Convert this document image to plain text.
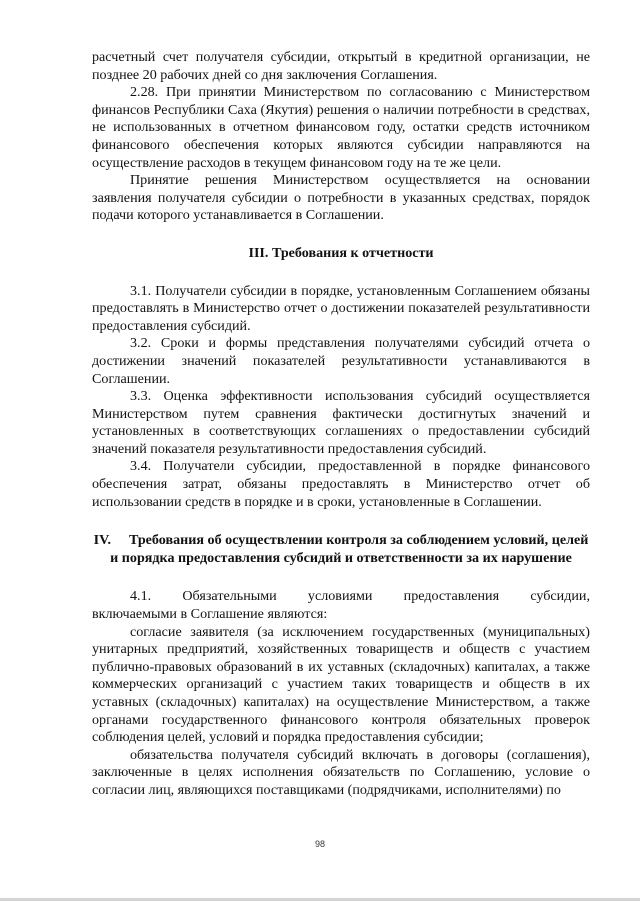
расчетный счет получателя субсидии, открытый в кредитной организации, не позднее 20 рабочих дней со дня заключения Соглашения.

2.28. При принятии Министерством по согласованию с Министерством финансов Республики Саха (Якутия) решения о наличии потребности в средствах, не использованных в отчетном финансовом году, остатки средств источником финансового обеспечения которых являются субсидии направляются на осуществление расходов в текущем финансовом году на те же цели.

Принятие решения Министерством осуществляется на основании заявления получателя субсидии о потребности в указанных средствах, порядок подачи которого устанавливается в Соглашении.

III. Требования к отчетности

3.1. Получатели субсидии в порядке, установленным Соглашением обязаны предоставлять в Министерство отчет о достижении показателей результативности предоставления субсидий.

3.2. Сроки и формы представления получателями субсидий отчета о достижении значений показателей результативности устанавливаются в Соглашении.

3.3. Оценка эффективности использования субсидий осуществляется Министерством путем сравнения фактически достигнутых значений и установленных в соответствующих соглашениях о предоставлении субсидий значений показателя результативности предоставления субсидий.

3.4. Получатели субсидии, предоставленной в порядке финансового обеспечения затрат, обязаны предоставлять в Министерство отчет об использовании средств в порядке и в сроки, установленные в Соглашении.

IV. Требования об осуществлении контроля за соблюдением условий, целей и порядка предоставления субсидий и ответственности за их нарушение

4.1.    Обязательными    условиями    предоставления    субсидии, включаемыми в Соглашение являются:

согласие заявителя (за исключением государственных (муниципальных) унитарных предприятий, хозяйственных товариществ и обществ с участием публично-правовых образований в их уставных (складочных) капиталах, а также коммерческих организаций с участием таких товариществ и обществ в их уставных (складочных) капиталах) на осуществление Министерством, а также органами государственного финансового контроля обязательных проверок соблюдения целей, условий и порядка предоставления субсидии;

обязательства получателя субсидий включать в договоры (соглашения), заключенные в целях исполнения обязательств по Соглашению, условие о согласии лиц, являющихся поставщиками (подрядчиками, исполнителями) по

98
